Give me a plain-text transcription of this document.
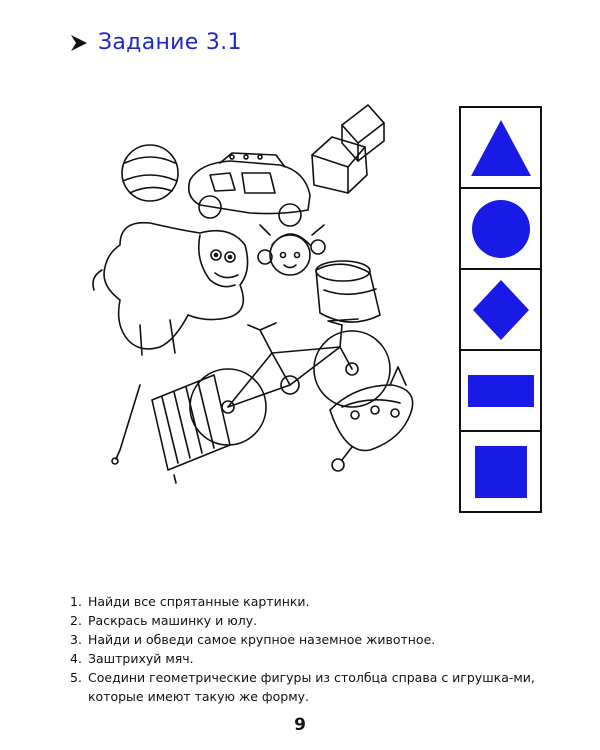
Задание 3.1
1. Найди все спрятанные картинки.
2. Раскрась машинку и юлу.
3. Найди и обведи самое крупное наземное животное.
4. Заштрихуй мяч.
5. Соедини геометрические фигуры из столбца справа с игрушка-ми, которые имеют такую же форму.
9
